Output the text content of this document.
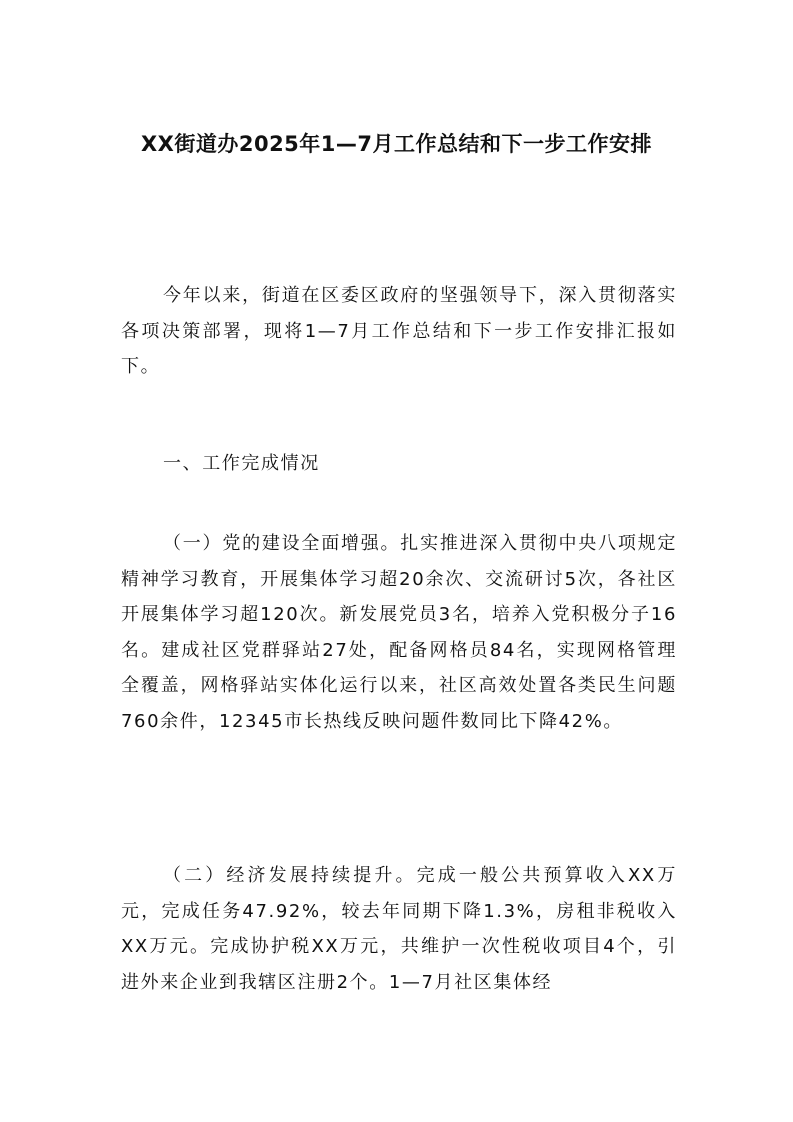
XX街道办2025年1—7月工作总结和下一步工作安排

今年以来，街道在区委区政府的坚强领导下，深入贯彻落实各项决策部署，现将1—7月工作总结和下一步工作安排汇报如下。

一、工作完成情况

（一）党的建设全面增强。扎实推进深入贯彻中央八项规定精神学习教育，开展集体学习超20余次、交流研讨5次，各社区开展集体学习超120次。新发展党员3名，培养入党积极分子16名。建成社区党群驿站27处，配备网格员84名，实现网格管理全覆盖，网格驿站实体化运行以来，社区高效处置各类民生问题760余件，12345市长热线反映问题件数同比下降42%。

（二）经济发展持续提升。完成一般公共预算收入XX万元，完成任务47.92%，较去年同期下降1.3%，房租非税收入XX万元。完成协护税XX万元，共维护一次性税收项目4个，引进外来企业到我辖区注册2个。1—7月社区集体经
